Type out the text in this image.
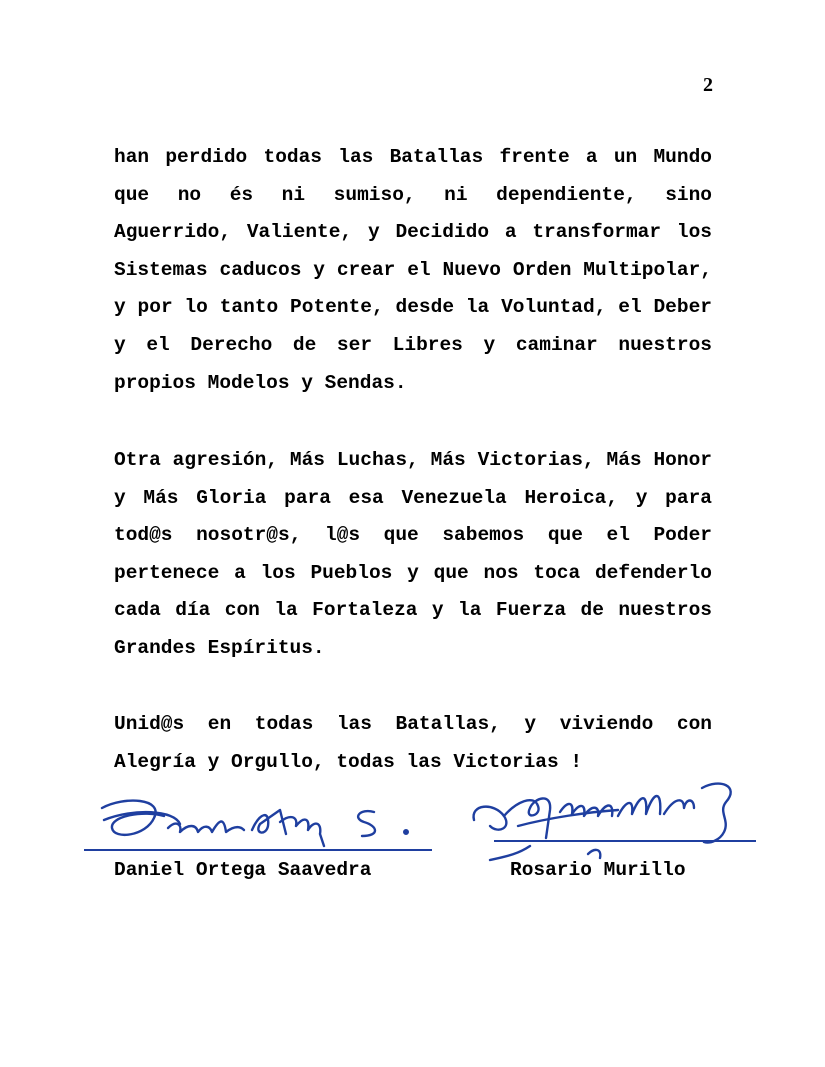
2

han perdido todas las Batallas frente a un Mundo que no és ni sumiso, ni dependiente, sino Aguerrido, Valiente, y Decidido a transformar los Sistemas caducos y crear el Nuevo Orden Multipolar, y por lo tanto Potente, desde la Voluntad, el Deber y el Derecho de ser Libres y caminar nuestros propios Modelos y Sendas.

Otra agresión, Más Luchas, Más Victorias, Más Honor y Más Gloria para esa Venezuela Heroica, y para tod@s nosotr@s, l@s que sabemos que el Poder pertenece a los Pueblos y que nos toca defenderlo cada día con la Fortaleza y la Fuerza de nuestros Grandes Espíritus.

Unid@s en todas las Batallas, y viviendo con Alegría y Orgullo, todas las Victorias !

Daniel Ortega Saavedra	Rosario Murillo
